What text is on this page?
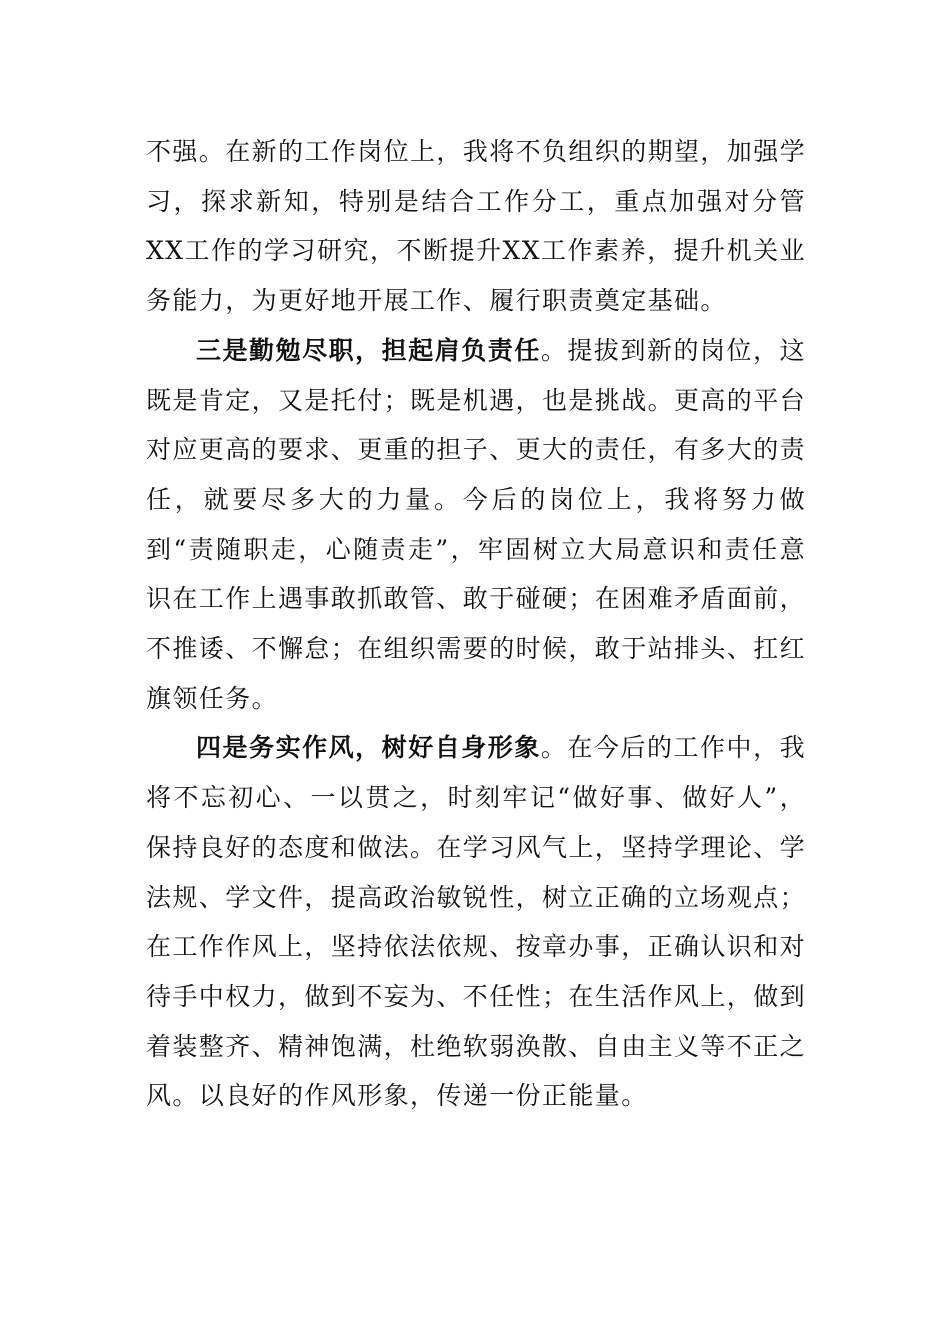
不强。在新的工作岗位上，我将不负组织的期望，加强学习，探求新知，特别是结合工作分工，重点加强对分管XX工作的学习研究，不断提升XX工作素养，提升机关业务能力，为更好地开展工作、履行职责奠定基础。

三是勤勉尽职，担起肩负责任。提拔到新的岗位，这既是肯定，又是托付；既是机遇，也是挑战。更高的平台对应更高的要求、更重的担子、更大的责任，有多大的责任，就要尽多大的力量。今后的岗位上，我将努力做到“责随职走，心随责走”，牢固树立大局意识和责任意识在工作上遇事敢抓敢管、敢于碰硬；在困难矛盾面前，不推诿、不懈怠；在组织需要的时候，敢于站排头、扛红旗领任务。

四是务实作风，树好自身形象。在今后的工作中，我将不忘初心、一以贯之，时刻牢记“做好事、做好人”，保持良好的态度和做法。在学习风气上，坚持学理论、学法规、学文件，提高政治敏锐性，树立正确的立场观点；在工作作风上，坚持依法依规、按章办事，正确认识和对待手中权力，做到不妄为、不任性；在生活作风上，做到着装整齐、精神饱满，杜绝软弱涣散、自由主义等不正之风。以良好的作风形象，传递一份正能量。
